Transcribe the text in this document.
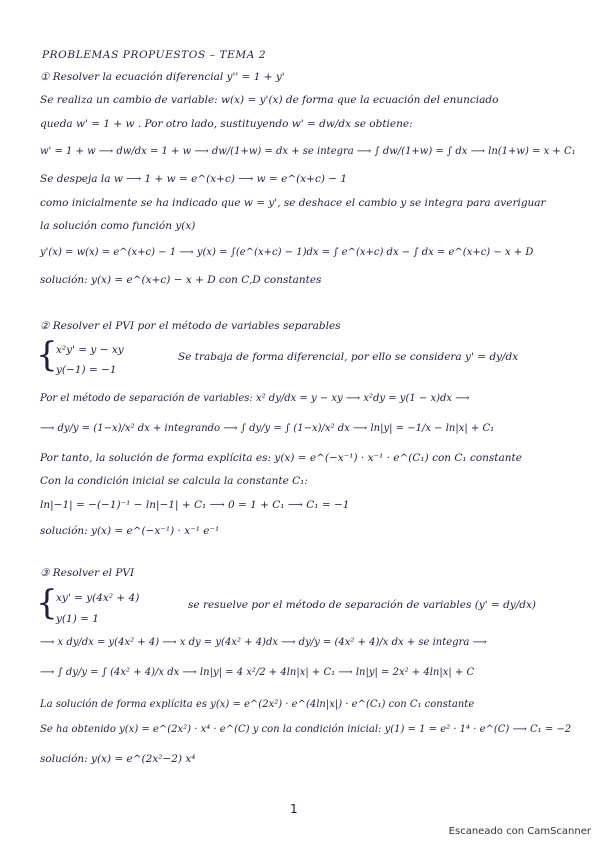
PROBLEMAS PROPUESTOS – TEMA 2
① Resolver la ecuación diferencial y'' = 1 + y'
Se realiza un cambio de variable: w(x) = y'(x) de forma que la ecuación del enunciado
queda w' = 1 + w . Por otro lado, sustituyendo w' = dw/dx se obtiene:
w' = 1 + w ⟶ dw/dx = 1 + w ⟶ dw/(1+w) = dx + se integra ⟶ ∫ dw/(1+w) = ∫ dx ⟶ ln(1+w) = x + C₁
Se despeja la w ⟶ 1 + w = e^(x+c) ⟶ w = e^(x+c) − 1
como inicialmente se ha indicado que w = y', se deshace el cambio y se integra para averiguar
la solución como función y(x)
y'(x) = w(x) = e^(x+c) − 1 ⟶ y(x) = ∫(e^(x+c) − 1)dx = ∫ e^(x+c) dx − ∫ dx = e^(x+c) − x + D
solución: y(x) = e^(x+c) − x + D con C,D constantes
② Resolver el PVI por el método de variables separables
{
x²y' = y − xy
y(−1) = −1
Se trabaja de forma diferencial, por ello se considera y' = dy/dx
Por el método de separación de variables: x² dy/dx = y − xy ⟶ x²dy = y(1 − x)dx ⟶
⟶ dy/y = (1−x)/x² dx + integrando ⟶ ∫ dy/y = ∫ (1−x)/x² dx ⟶ ln|y| = −1/x − ln|x| + C₁
Por tanto, la solución de forma explícita es: y(x) = e^(−x⁻¹) · x⁻¹ · e^(C₁) con C₁ constante
Con la condición inicial se calcula la constante C₁:
ln|−1| = −(−1)⁻¹ − ln|−1| + C₁ ⟶ 0 = 1 + C₁ ⟶ C₁ = −1
solución: y(x) = e^(−x⁻¹) · x⁻¹ e⁻¹
③ Resolver el PVI
{
xy' = y(4x² + 4)
y(1) = 1
se resuelve por el método de separación de variables (y' = dy/dx)
⟶ x dy/dx = y(4x² + 4) ⟶ x dy = y(4x² + 4)dx ⟶ dy/y = (4x² + 4)/x dx + se integra ⟶
⟶ ∫ dy/y = ∫ (4x² + 4)/x dx ⟶ ln|y| = 4 x²/2 + 4ln|x| + C₁ ⟶ ln|y| = 2x² + 4ln|x| + C
La solución de forma explícita es y(x) = e^(2x²) · e^(4ln|x|) · e^(C₁) con C₁ constante
Se ha obtenido y(x) = e^(2x²) · x⁴ · e^(C) y con la condición inicial: y(1) = 1 = e² · 1⁴ · e^(C) ⟶ C₁ = −2
solución: y(x) = e^(2x²−2) x⁴
1
Escaneado con CamScanner
